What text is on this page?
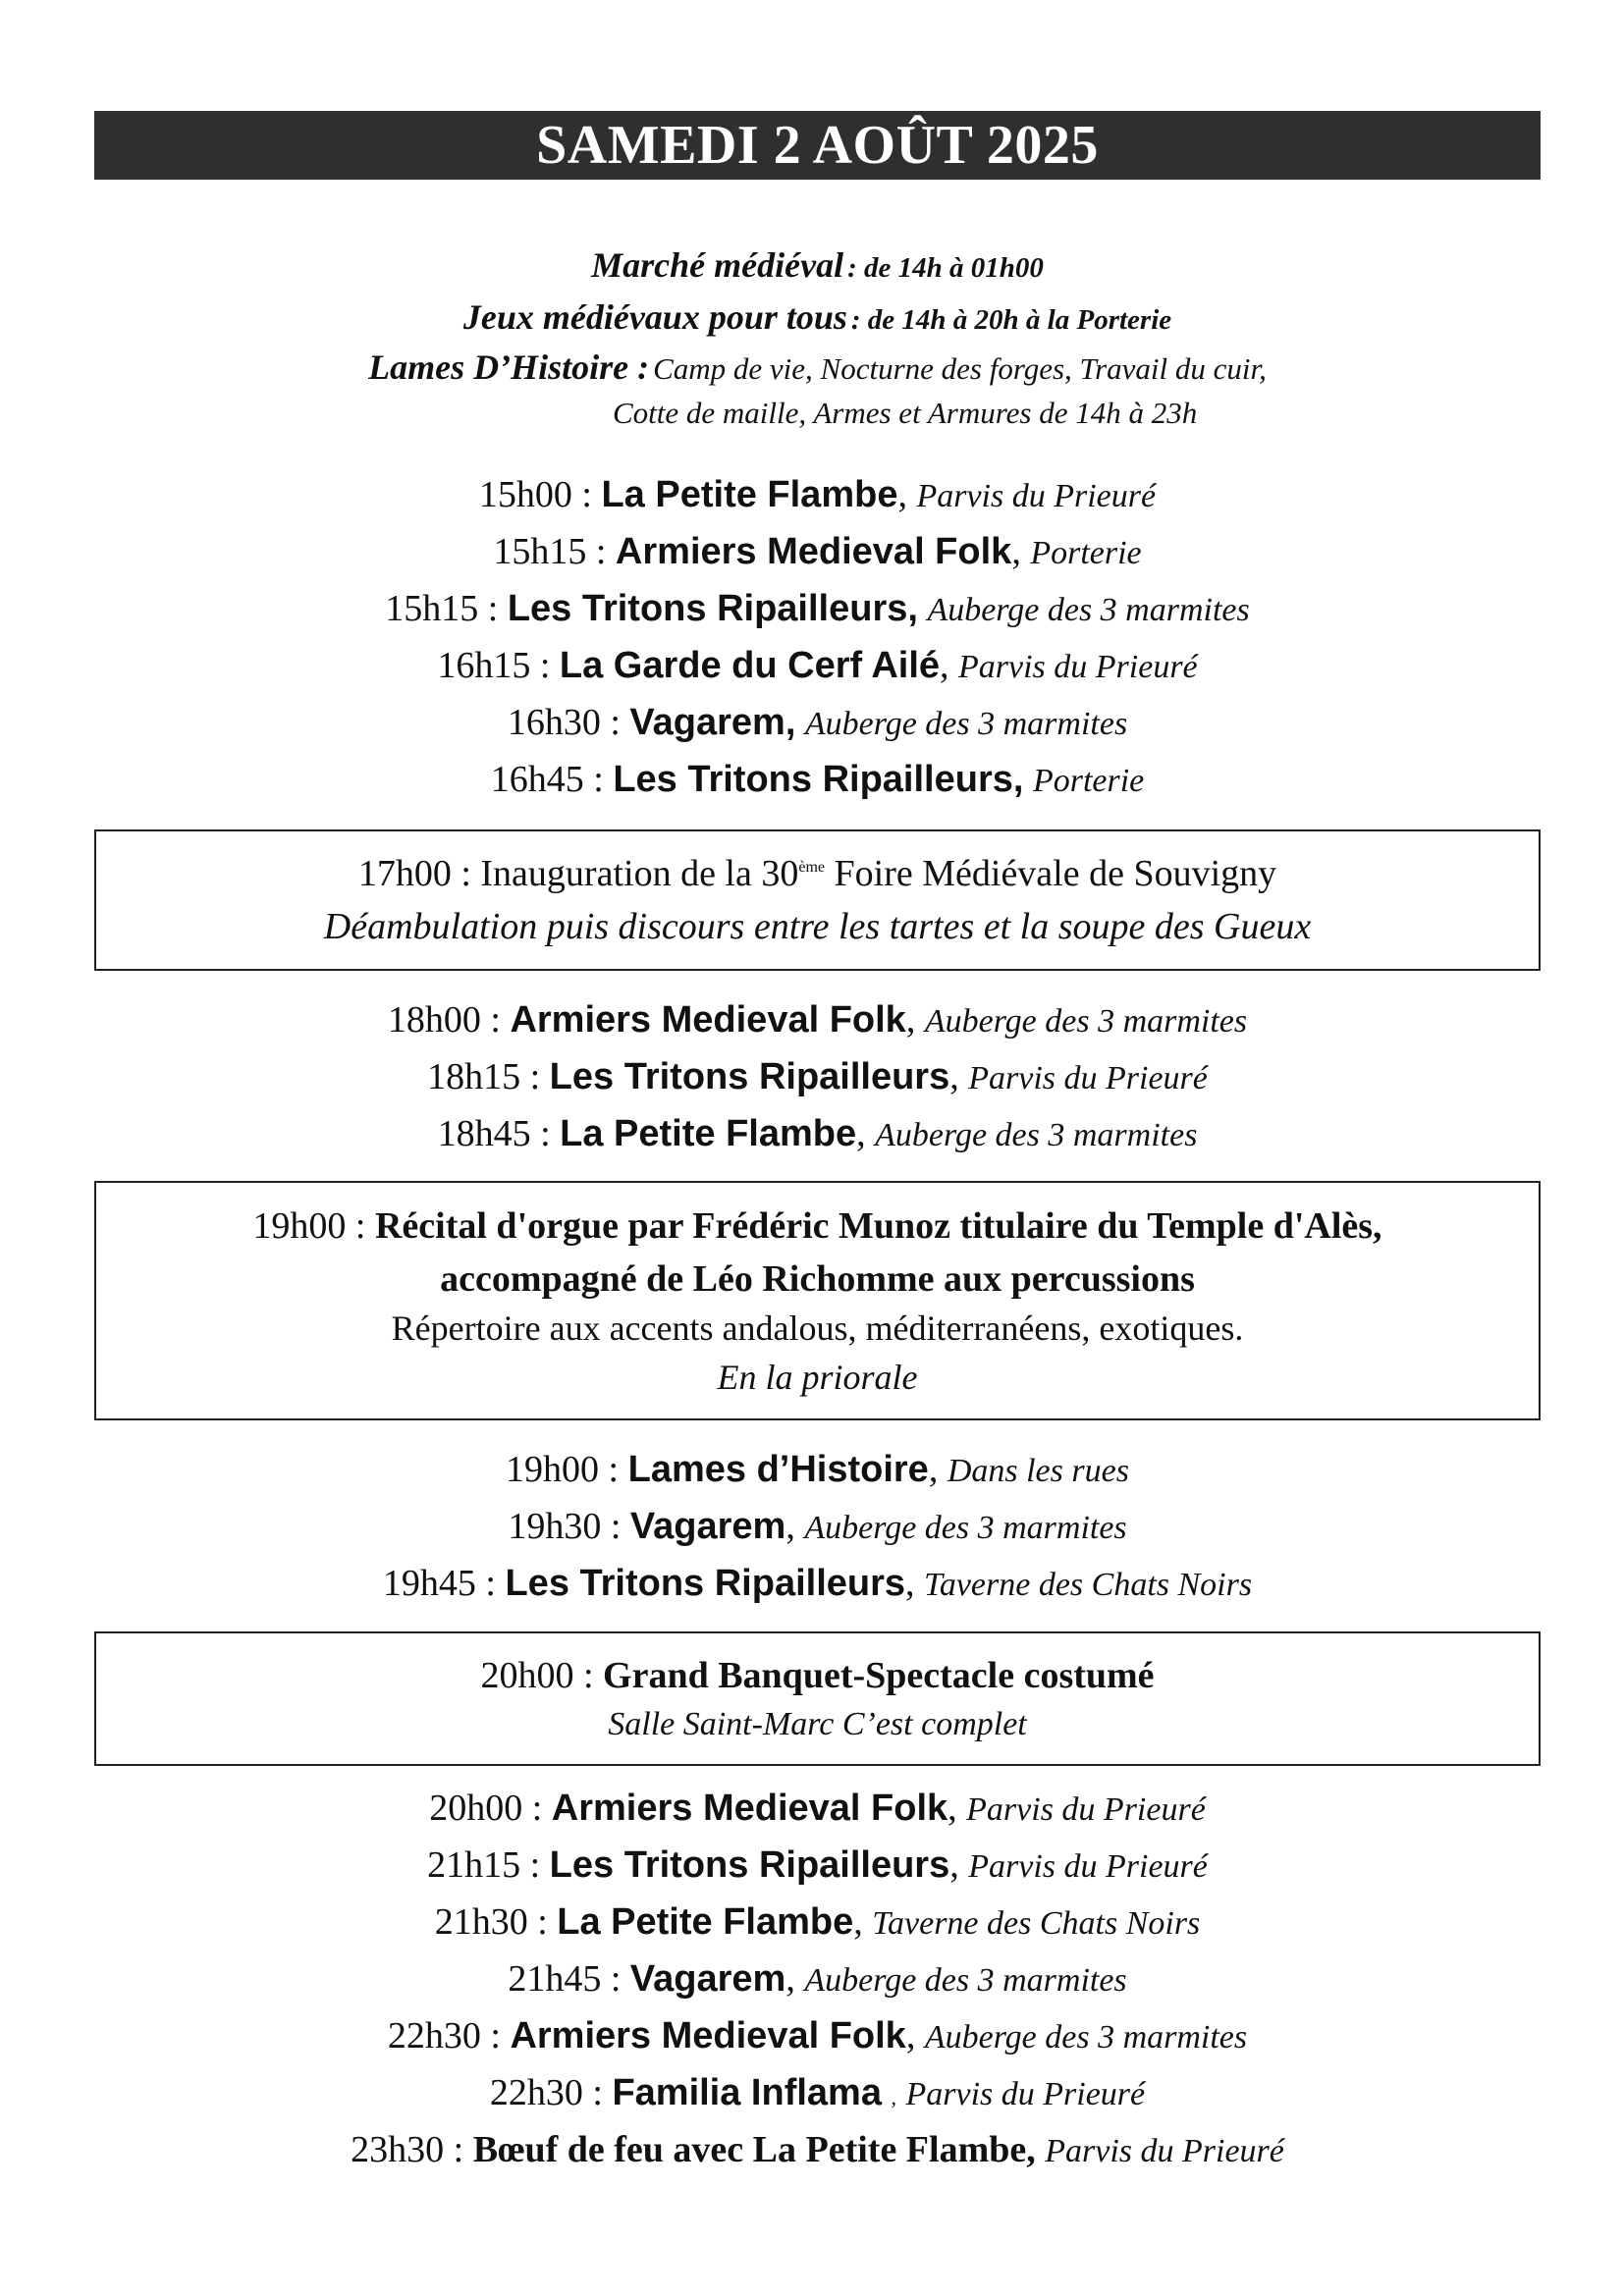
SAMEDI 2 AOÛT 2025
Marché médiéval : de 14h à 01h00
Jeux médiévaux pour tous : de 14h à 20h à la Porterie
Lames D’Histoire : Camp de vie, Nocturne des forges, Travail du cuir,
Cotte de maille, Armes et Armures de 14h à 23h
15h00 : La Petite Flambe, Parvis du Prieuré
15h15 : Armiers Medieval Folk, Porterie
15h15 : Les Tritons Ripailleurs, Auberge des 3 marmites
16h15 : La Garde du Cerf Ailé, Parvis du Prieuré
16h30 : Vagarem, Auberge des 3 marmites
16h45 : Les Tritons Ripailleurs, Porterie
17h00 : Inauguration de la 30ème Foire Médiévale de Souvigny
Déambulation puis discours entre les tartes et la soupe des Gueux
18h00 : Armiers Medieval Folk, Auberge des 3 marmites
18h15 : Les Tritons Ripailleurs, Parvis du Prieuré
18h45 : La Petite Flambe, Auberge des 3 marmites
19h00 : Récital d'orgue par Frédéric Munoz titulaire du Temple d'Alès,
accompagné de Léo Richomme aux percussions
Répertoire aux accents andalous, méditerranéens, exotiques.
En la priorale
19h00 : Lames d’Histoire, Dans les rues
19h30 : Vagarem, Auberge des 3 marmites
19h45 : Les Tritons Ripailleurs, Taverne des Chats Noirs
20h00 : Grand Banquet-Spectacle costumé
Salle Saint-Marc C’est complet
20h00 : Armiers Medieval Folk, Parvis du Prieuré
21h15 : Les Tritons Ripailleurs, Parvis du Prieuré
21h30 : La Petite Flambe, Taverne des Chats Noirs
21h45 : Vagarem, Auberge des 3 marmites
22h30 : Armiers Medieval Folk, Auberge des 3 marmites
22h30 : Familia Inflama , Parvis du Prieuré
23h30 : Bœuf de feu avec La Petite Flambe, Parvis du Prieuré
